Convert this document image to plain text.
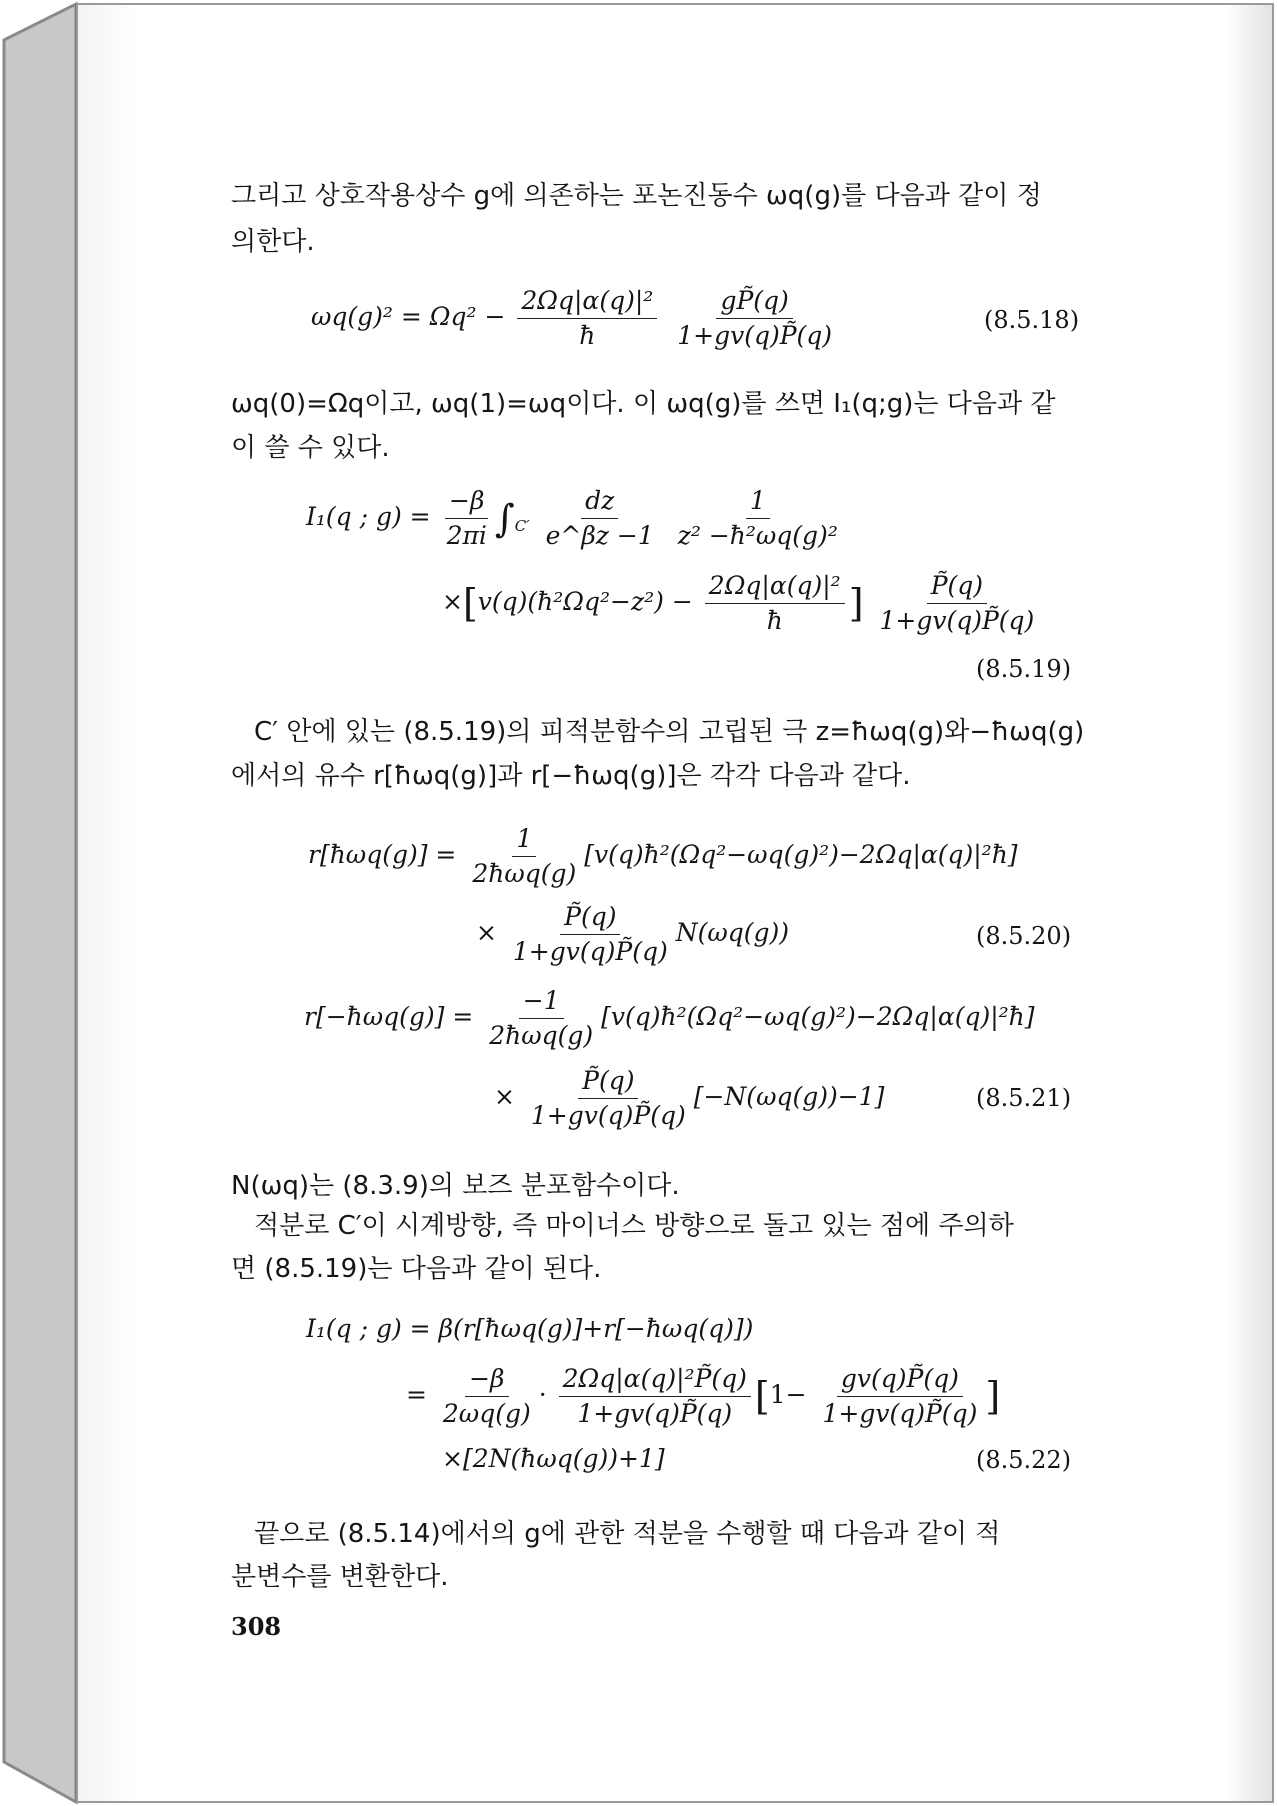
그리고 상호작용상수 g에 의존하는 포논진동수 ωq(g)를 다음과 같이 정
의한다.
$\omega q(g)^2 = \Omega q^2 - \frac{\text{2Ωq|α(q)|²}}{ħ}$
$\frac{gP̃(q)}{1+gv(q)P̃(q)}$	(8.5.18)
ωq(0)=Ωq이고, ωq(1)=ωq이다. 이 ωq(g)를 쓰면 I₁(q;g)는 다음과 같
이 쓸 수 있다.
I₁(q ; $g) = \frac{-\beta}{2\pi i} \int_{C'} \frac{dz}{e\^{}\beta z -1}$
$\frac{1}{\text{z² −ħ²ωq(g)²}}$
×[v(q)(ħ²Ωq²−z²) − $\frac{\text{2Ωq|α(q)|²}}{ħ}$ ] $\frac{P̃(q)}{1+gv(q)P̃(q)}$
(8.5.19)
C′ 안에 있는 (8.5.19)의 피적분함수의 고립된 극 z=ħωq(g)와−ħωq(g)
에서의 유수 r[ħωq(g)]과 r[−ħωq(g)]은 각각 다음과 같다.
r[ħωq(g)] = $\frac{1}{\text{2ħωq(g)}}$ [v(q)ħ²(Ωq²−ωq(g)²)−2Ωq|α(q)|²ħ]
× $\frac{P̃(q)}{1+gv(q)P̃(q)} N(\omega q(g))$	(8.5.20)
r[−ħωq(g)] = $\frac{-1}{\text{2ħωq(g)}}$ [v(q)ħ²(Ωq²−ωq(g)²)−2Ωq|α(q)|²ħ]
× $\frac{P̃(q)}{1+gv(q)P̃(q)} [-N(\omega q(g))-1]$	(8.5.21)
N(ωq)는 (8.3.9)의 보즈 분포함수이다.
적분로 C′이 시계방향, 즉 마이너스 방향으로 돌고 있는 점에 주의하
면 (8.5.19)는 다음과 같이 된다.
I₁(q ; g) = β(r[ħωq(g)]+r[−ħωq(q)])
= $\frac{-\beta}{2\omega q(g)} \cdot \frac{\text{2Ωq|α(q)|²P̃(q)}}{1+gv(q)P̃(q)} [1- \frac{gv(q)P̃(q)}{1+gv(q)P̃(q)}$ ]
×[2N(ħωq(g))+1]	(8.5.22)
끝으로 (8.5.14)에서의 g에 관한 적분을 수행할 때 다음과 같이 적
분변수를 변환한다.
308
